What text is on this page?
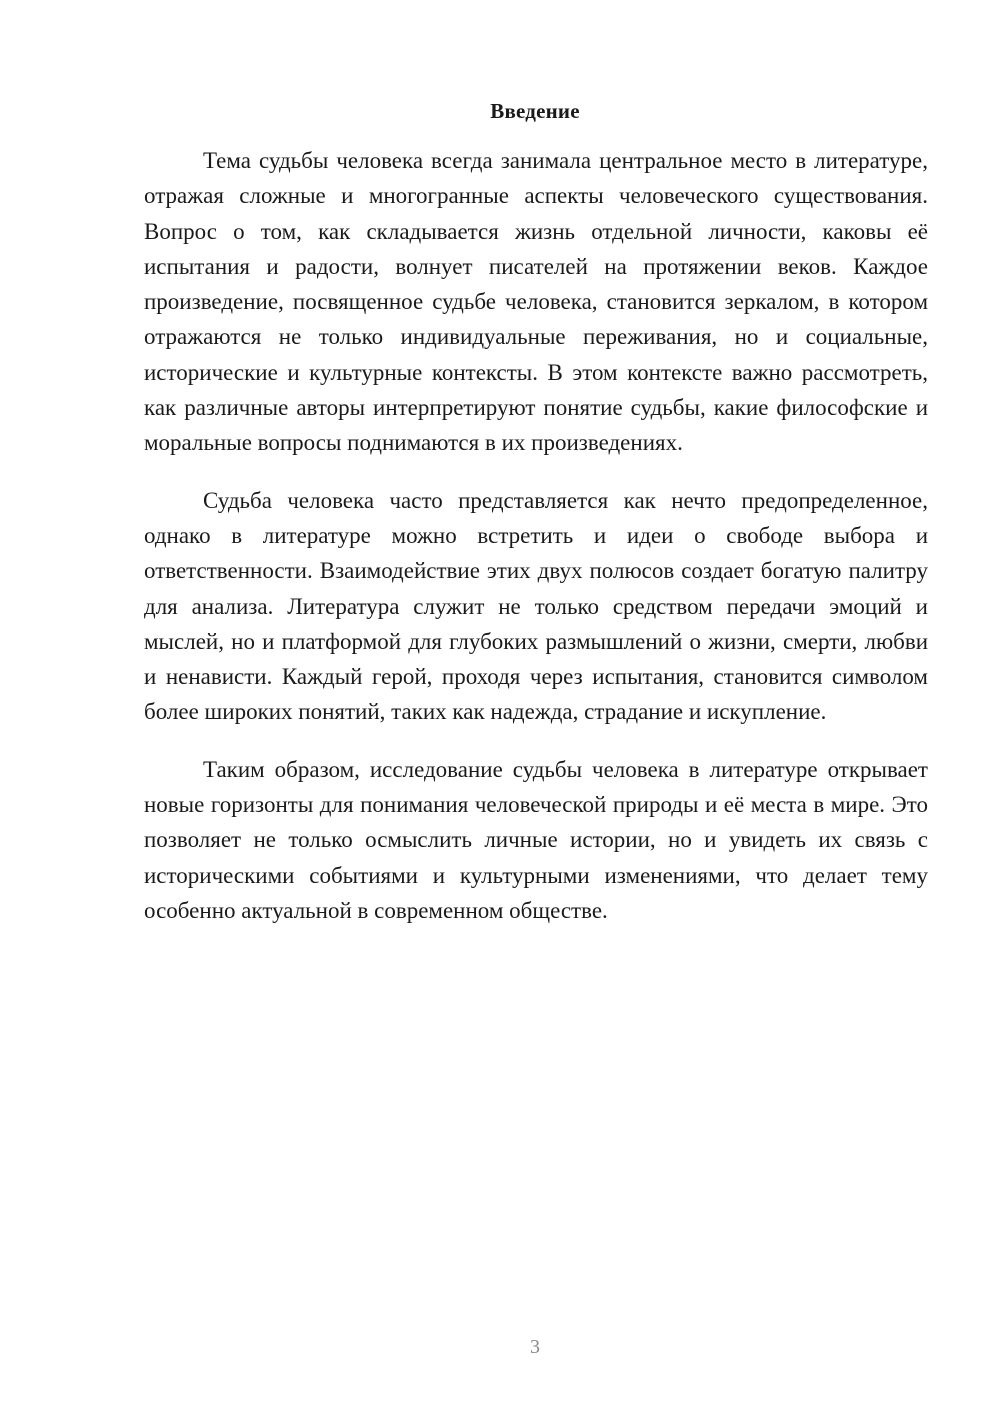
Введение

Тема судьбы человека всегда занимала центральное место в литературе, отражая сложные и многогранные аспекты человеческого существования. Вопрос о том, как складывается жизнь отдельной личности, каковы её испытания и радости, волнует писателей на протяжении веков. Каждое произведение, посвященное судьбе человека, становится зеркалом, в котором отражаются не только индивидуальные переживания, но и социальные, исторические и культурные контексты. В этом контексте важно рассмотреть, как различные авторы интерпретируют понятие судьбы, какие философские и моральные вопросы поднимаются в их произведениях.

Судьба человека часто представляется как нечто предопределенное, однако в литературе можно встретить и идеи о свободе выбора и ответственности. Взаимодействие этих двух полюсов создает богатую палитру для анализа. Литература служит не только средством передачи эмоций и мыслей, но и платформой для глубоких размышлений о жизни, смерти, любви и ненависти. Каждый герой, проходя через испытания, становится символом более широких понятий, таких как надежда, страдание и искупление.

Таким образом, исследование судьбы человека в литературе открывает новые горизонты для понимания человеческой природы и её места в мире. Это позволяет не только осмыслить личные истории, но и увидеть их связь с историческими событиями и культурными изменениями, что делает тему особенно актуальной в современном обществе.

3
